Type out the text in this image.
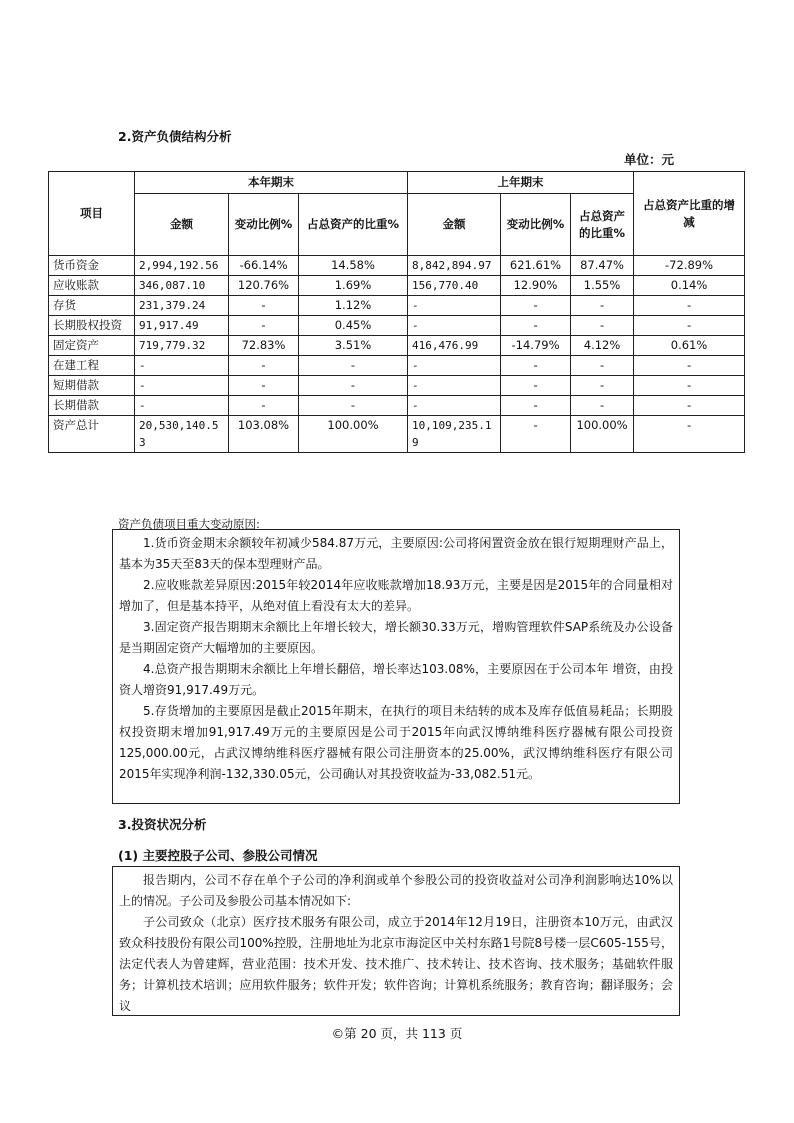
2.资产负债结构分析
单位：元
项目	本年期末			上年期末			占总资产比重的增减
	金额	变动比例%	占总资产的比重%	金额	变动比例%	占总资产的比重%	
货币资金	2,994,192.56	-66.14%	14.58%	8,842,894.97	621.61%	87.47%	-72.89%
应收账款	346,087.10	120.76%	1.69%	156,770.40	12.90%	1.55%	0.14%
存货	231,379.24	-	1.12%	-	-	-	-
长期股权投资	91,917.49	-	0.45%	-	-	-	-
固定资产	719,779.32	72.83%	3.51%	416,476.99	-14.79%	4.12%	0.61%
在建工程	-	-	-	-	-	-	-
短期借款	-	-	-	-	-	-	-
长期借款	-	-	-	-	-	-	-
资产总计	20,530,140.53	103.08%	100.00%	10,109,235.19	-	100.00%	-
资产负债项目重大变动原因:

1.货币资金期末余额较年初减少584.87万元，主要原因:公司将闲置资金放在银行短期理财产品上，基本为35天至83天的保本型理财产品。

2.应收账款差异原因:2015年较2014年应收账款增加18.93万元，主要是因是2015年的合同量相对增加了，但是基本持平，从绝对值上看没有太大的差异。

3.固定资产报告期期末余额比上年增长较大，增长额30.33万元，增购管理软件SAP系统及办公设备是当期固定资产大幅增加的主要原因。

4.总资产报告期期末余额比上年增长翻倍，增长率达103.08%，主要原因在于公司本年 增资，由投资人增资91,917.49万元。

5.存货增加的主要原因是截止2015年期末，在执行的项目未结转的成本及库存低值易耗品；长期股权投资期末增加91,917.49万元的主要原因是公司于2015年向武汉博纳维科医疗器械有限公司投资125,000.00元，占武汉博纳维科医疗器械有限公司注册资本的25.00%，武汉博纳维科医疗有限公司2015年实现净利润-132,330.05元，公司确认对其投资收益为-33,082.51元。

3.投资状况分析
(1) 主要控股子公司、参股公司情况

报告期内，公司不存在单个子公司的净利润或单个参股公司的投资收益对公司净利润影响达10%以上的情况。子公司及参股公司基本情况如下:

子公司致众（北京）医疗技术服务有限公司，成立于2014年12月19日，注册资本10万元，由武汉致众科技股份有限公司100%控股，注册地址为北京市海淀区中关村东路1号院8号楼一层C605-155号，法定代表人为曾建辉，营业范围：技术开发、技术推广、技术转让、技术咨询、技术服务；基础软件服务；计算机技术培训；应用软件服务；软件开发；软件咨询；计算机系统服务；教育咨询；翻译服务；会议

©第 20 页，共 113 页
